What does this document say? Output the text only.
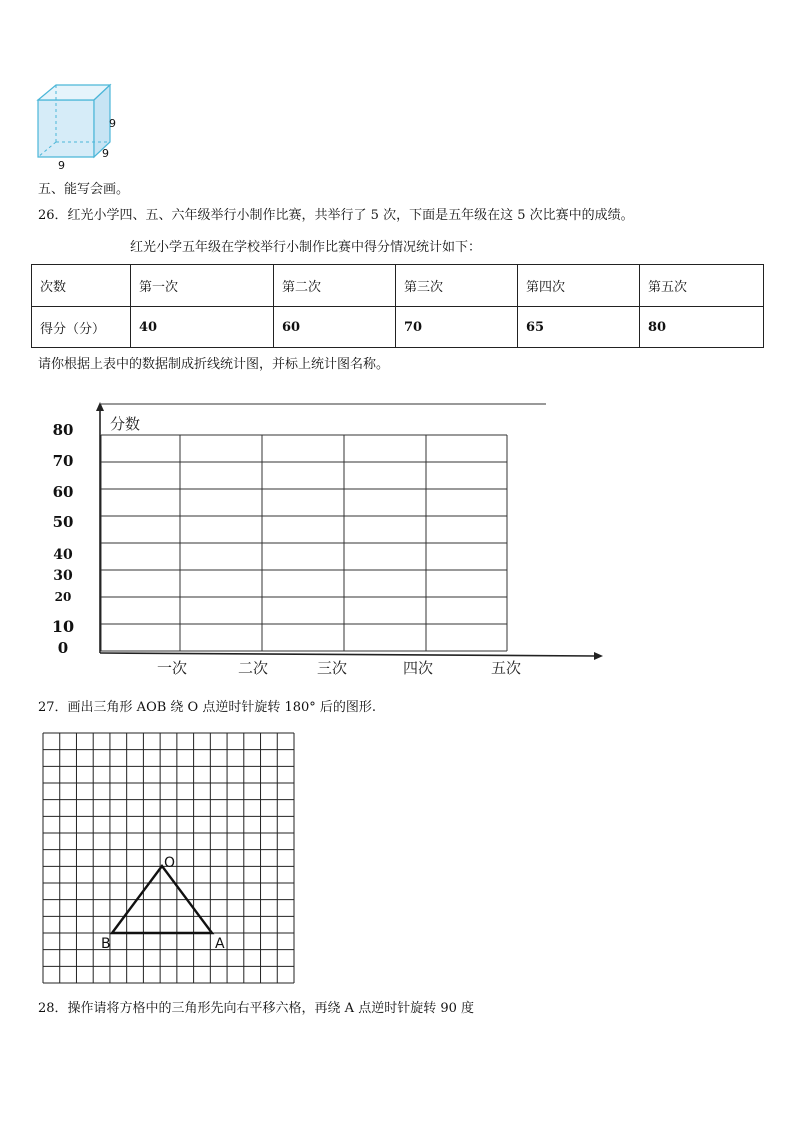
9
9
9
五、能写会画。
26．红光小学四、五、六年级举行小制作比赛，共举行了 5 次，下面是五年级在这 5 次比赛中的成绩。
红光小学五年级在学校举行小制作比赛中得分情况统计如下：
次数	第一次	第二次	第三次	第四次	第五次
得分（分）	40	60	70	65	80
请你根据上表中的数据制成折线统计图，并标上统计图名称。
分数
80
70
60
50
40
30
20
10
0
一次	二次	三次	四次	五次
27．画出三角形 AOB 绕 O 点逆时针旋转 180° 后的图形.
O
B	A
28．操作请将方格中的三角形先向右平移六格，再绕 A 点逆时针旋转 90 度
